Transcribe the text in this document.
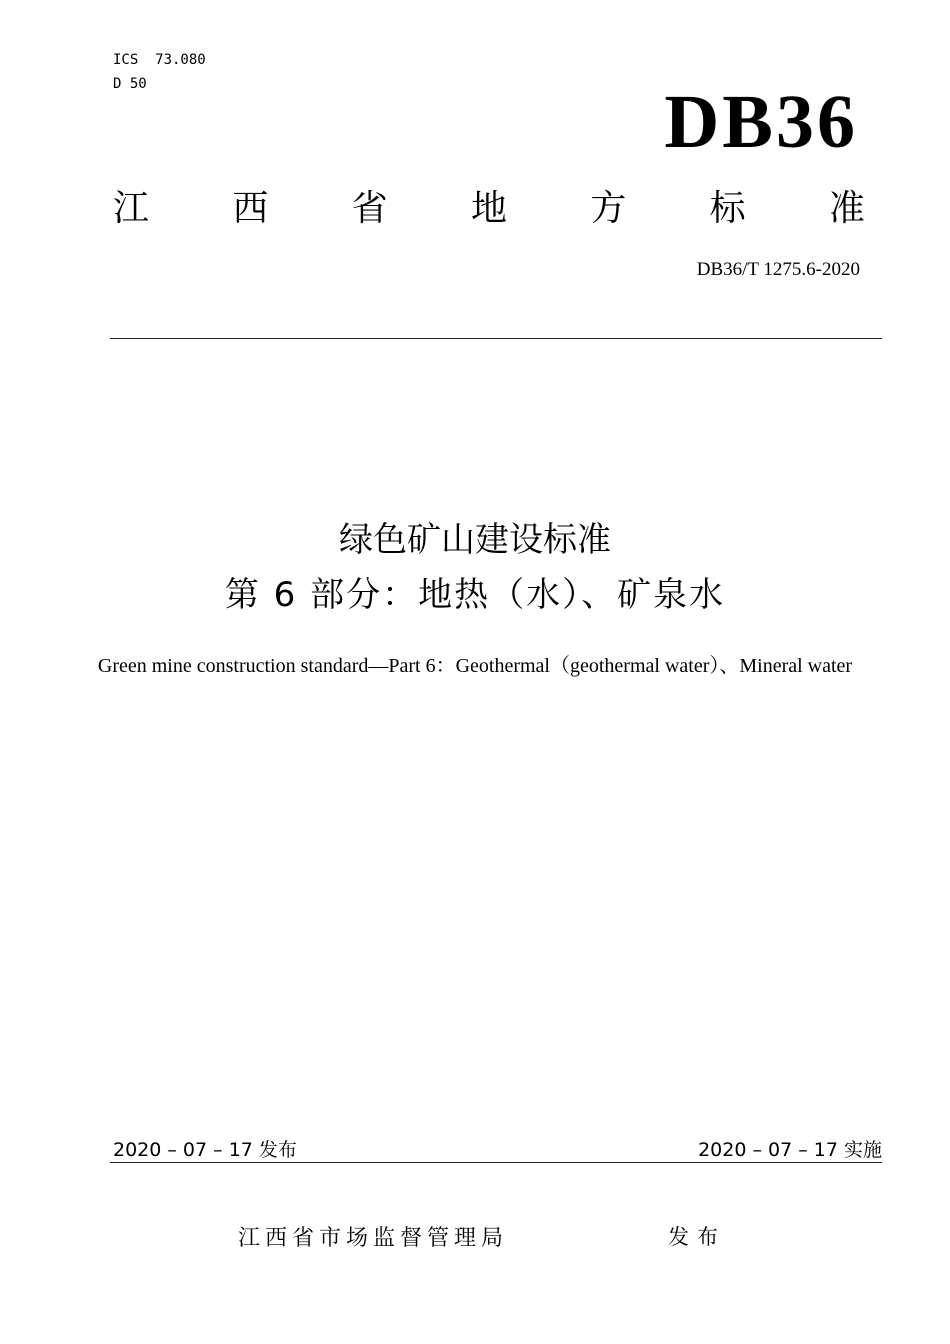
ICS  73.080
D 50	DB36
江 西 省 地 方 标 准
DB36/T 1275.6-2020
绿色矿山建设标准
第 6 部分：地热（水）、矿泉水
Green mine construction standard—Part 6：Geothermal（geothermal water）、Mineral water
2020 – 07 – 17 发布	2020 – 07 – 17 实施
江西省市场监督管理局	发布
